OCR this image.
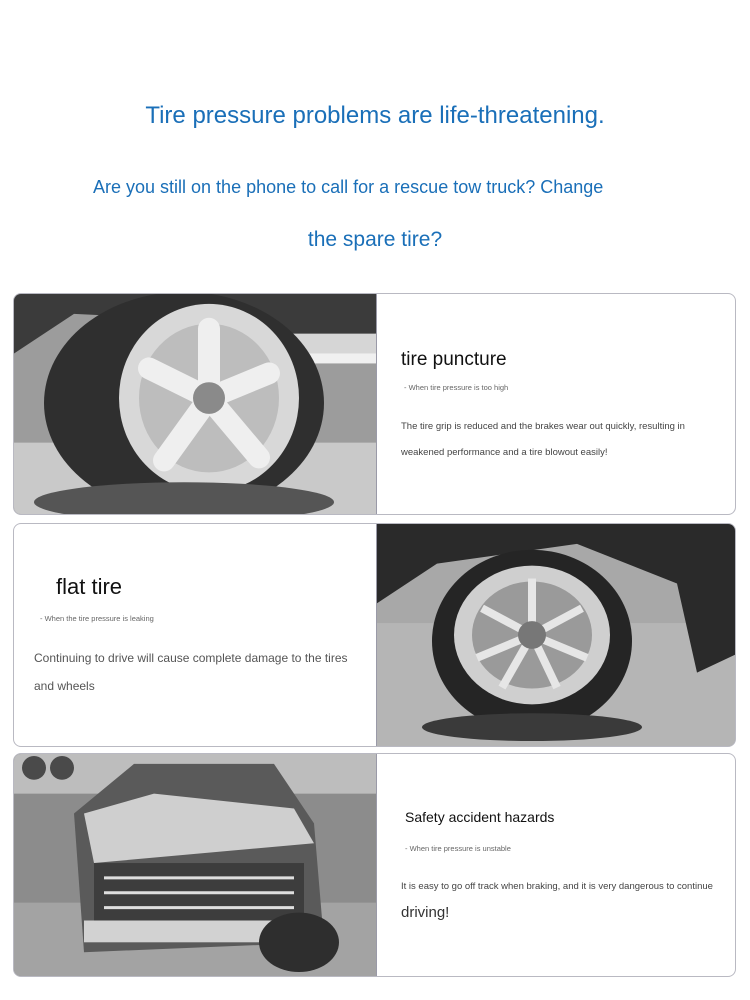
Tire pressure problems are life-threatening.

Are you still on the phone to call for a rescue tow truck? Change

the spare tire?

tire puncture
- When tire pressure is too high
The tire grip is reduced and the brakes wear out quickly, resulting in weakened performance and a tire blowout easily!
flat tire
- When the tire pressure is leaking
Continuing to drive will cause complete damage to the tires and wheels
Safety accident hazards
- When tire pressure is unstable
It is easy to go off track when braking, and it is very dangerous to continue
driving!
